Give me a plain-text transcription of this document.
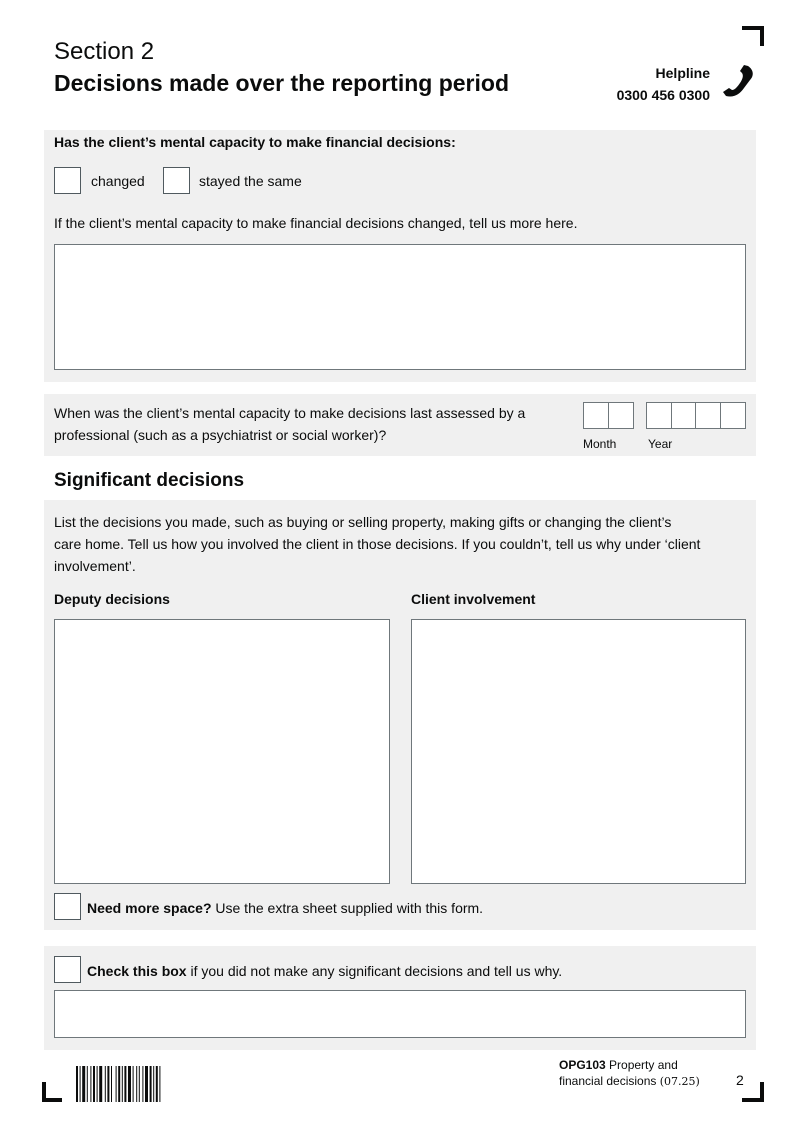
Section 2
Decisions made over the reporting period	Helpline
0300 456 0300
Has the client’s mental capacity to make financial decisions:
changed	stayed the same
If the client’s mental capacity to make financial decisions changed, tell us more here.
When was the client’s mental capacity to make decisions last assessed by a
professional (such as a psychiatrist or social worker)?
Month	Year
Significant decisions
List the decisions you made, such as buying or selling property, making gifts or changing the client’s
care home. Tell us how you involved the client in those decisions. If you couldn’t, tell us why under ‘client
involvement’.
Deputy decisions	Client involvement
Need more space? Use the extra sheet supplied with this form.
Check this box if you did not make any significant decisions and tell us why.
OPG103 Property and
financial decisions (07.25)	2
